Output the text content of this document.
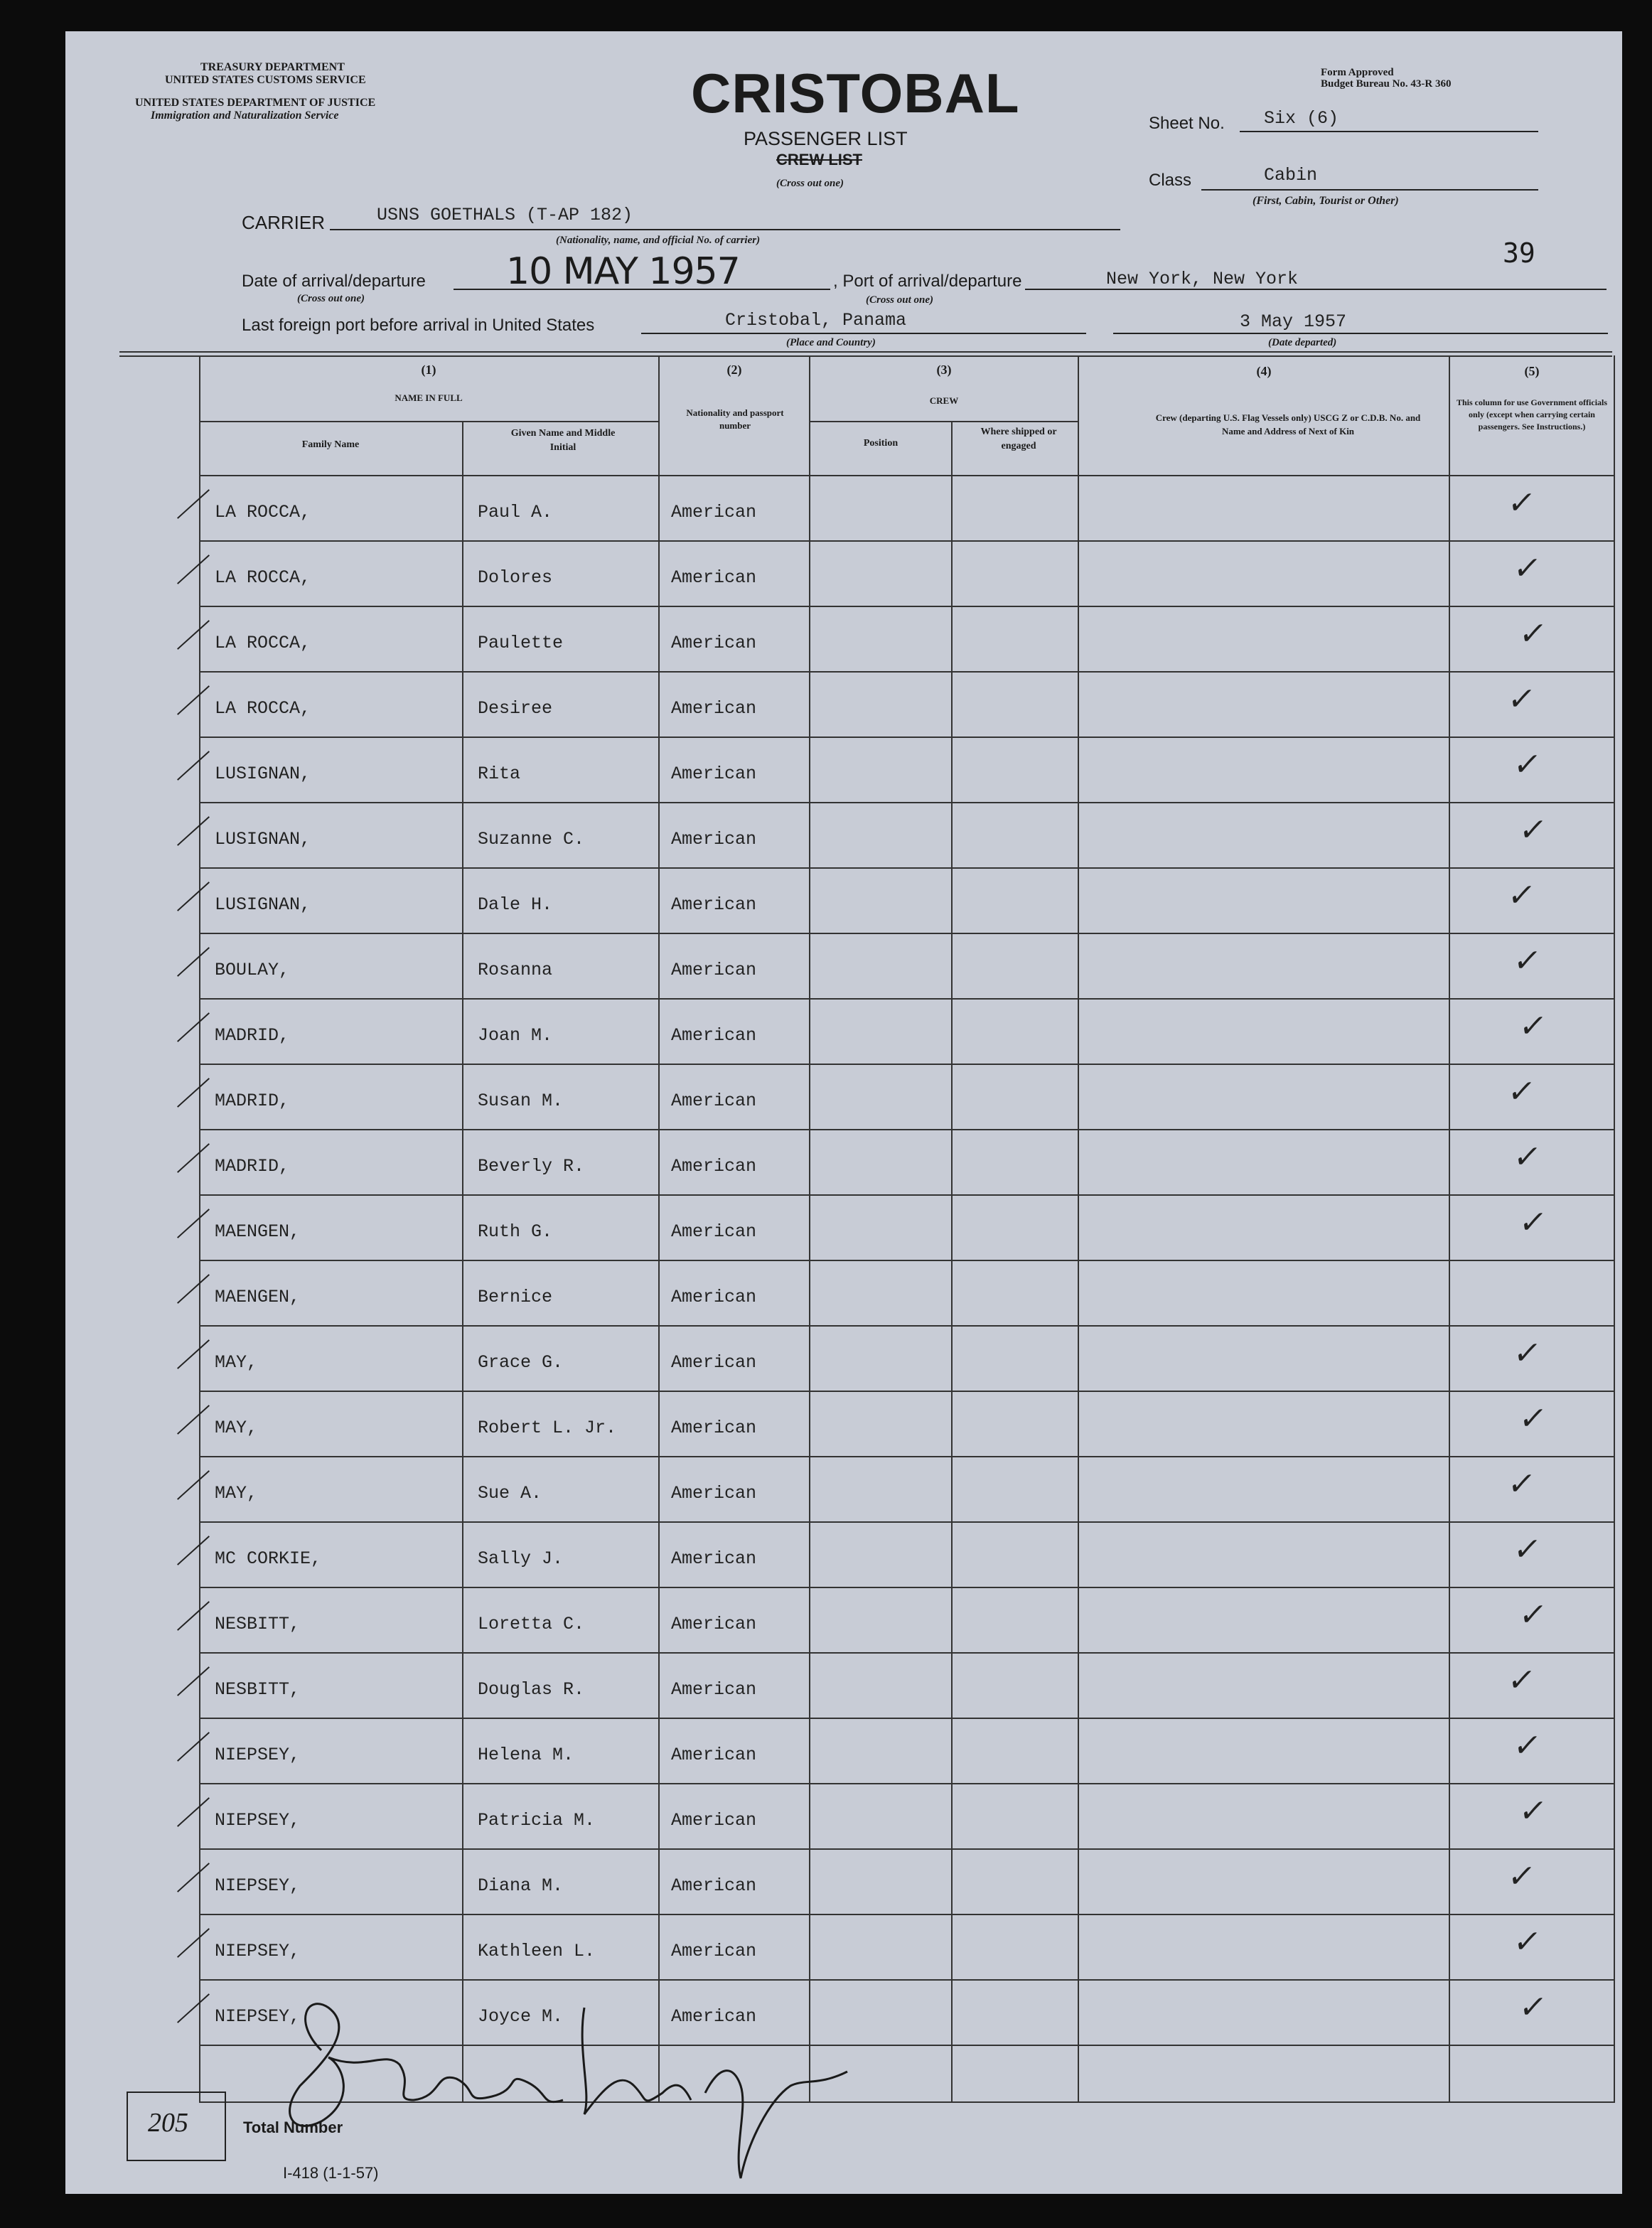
TREASURY DEPARTMENT
UNITED STATES CUSTOMS SERVICE
UNITED STATES DEPARTMENT OF JUSTICE
Immigration and Naturalization Service	CRISTOBAL	Form Approved
Budget Bureau No. 43-R 360
PASSENGER LIST
CREW LIST
(Cross out one)
Sheet No. Six (6)
Class	Cabin
(First, Cabin, Tourist or Other)
CARRIER	USNS GOETHALS (T-AP 182)
(Nationality, name, and official No. of carrier)	39
Date of arrival/departure 10 MAY 1957
(Cross out one)
, Port of arrival/departure	New York, New York
(Cross out one)
Last foreign port before arrival in United States	Cristobal, Panama
(Place and Country)
3 May 1957
(Date departed)
(1)
NAME IN FULL
Family Name
Given Name and Middle Initial
(2)
Nationality and passport number
(3)
CREW
Position
Where shipped or engaged
(4)
Crew (departing U.S. Flag Vessels only) USCG Z or C.D.B. No. and Name and Address of Next of Kin
(5)
This column for use Government officials only (except when carrying certain passengers. See Instructions.)
LA ROCCA,	Paul A.	American	✓
LA ROCCA,	Dolores	American	✓
LA ROCCA,	Paulette	American	✓
LA ROCCA,	Desiree	American	✓
LUSIGNAN,	Rita	American	✓
LUSIGNAN,	Suzanne C.	American	✓
LUSIGNAN,	Dale H.	American	✓
BOULAY,	Rosanna	American	✓
MADRID,	Joan M.	American	✓
MADRID,	Susan M.	American	✓
MADRID,	Beverly R.	American	✓
MAENGEN,	Ruth G.	American	✓
MAENGEN,	Bernice	American
MAY,	Grace G.	American	✓
MAY,	Robert L. Jr.	American	✓
MAY,	Sue A.	American	✓
MC CORKIE,	Sally J.	American	✓
NESBITT,	Loretta C.	American	✓
NESBITT,	Douglas R.	American	✓
NIEPSEY,	Helena M.	American	✓
NIEPSEY,	Patricia M.	American	✓
NIEPSEY,	Diana M.	American	✓
NIEPSEY,	Kathleen L.	American	✓
NIEPSEY,	Joyce M.	American	✓
205	Total Number
I-418 (1-1-57)
